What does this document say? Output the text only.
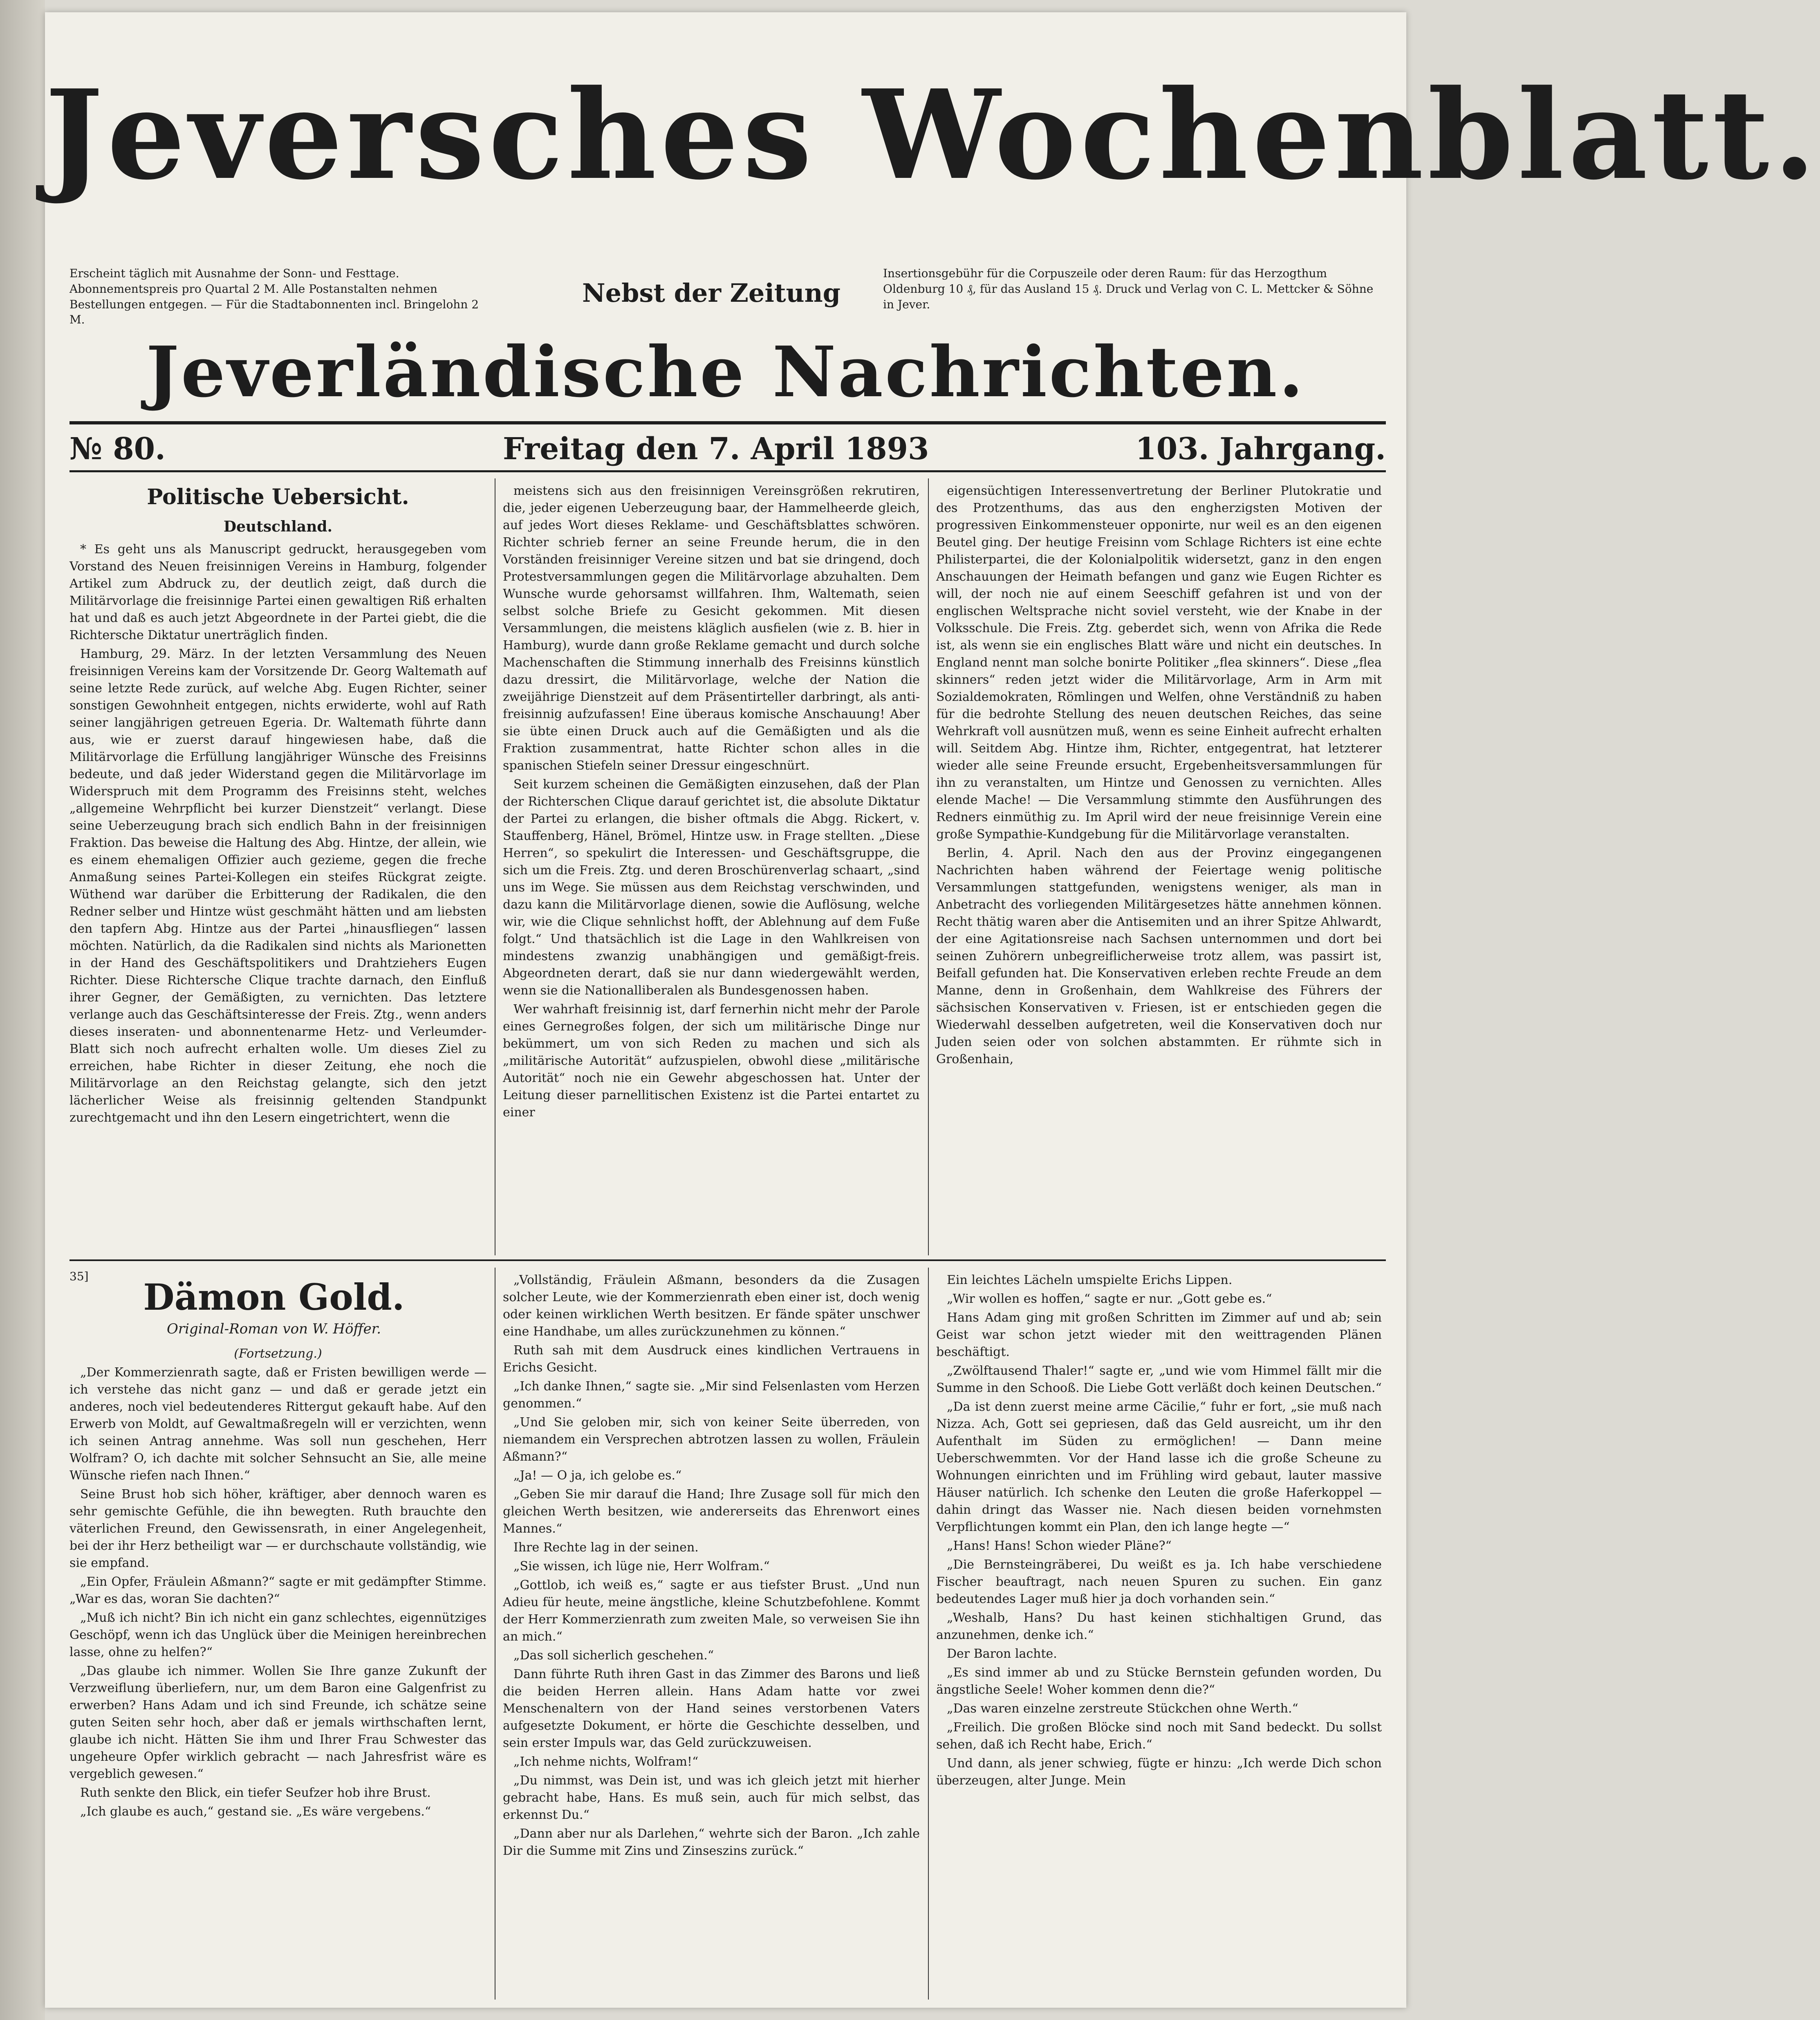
Jeversches Wochenblatt.
Erscheint täglich mit Ausnahme der Sonn- und Festtage. Abonnementspreis pro Quartal 2 M. Alle Postanstalten nehmen Bestellungen entgegen. — Für die Stadtabonnenten incl. Bringelohn 2 M.
Nebst der Zeitung
Insertionsgebühr für die Corpuszeile oder deren Raum: für das Herzogthum Oldenburg 10 ₰, für das Ausland 15 ₰. Druck und Verlag von C. L. Mettcker & Söhne in Jever.
Jeverländische Nachrichten.
№ 80.	Freitag den 7. April 1893	103. Jahrgang.
Politische Uebersicht.
Deutschland.

* Es geht uns als Manuscript gedruckt, herausgegeben vom Vorstand des Neuen freisinnigen Vereins in Hamburg, folgender Artikel zum Abdruck zu, der deutlich zeigt, daß durch die Militärvorlage die freisinnige Partei einen gewaltigen Riß erhalten hat und daß es auch jetzt Abgeordnete in der Partei giebt, die die Richtersche Diktatur unerträglich finden.

Hamburg, 29. März. In der letzten Versammlung des Neuen freisinnigen Vereins kam der Vorsitzende Dr. Georg Waltemath auf seine letzte Rede zurück, auf welche Abg. Eugen Richter, seiner sonstigen Gewohnheit entgegen, nichts erwiderte, wohl auf Rath seiner langjährigen getreuen Egeria. Dr. Waltemath führte dann aus, wie er zuerst darauf hingewiesen habe, daß die Militärvorlage die Erfüllung langjähriger Wünsche des Freisinns bedeute, und daß jeder Widerstand gegen die Militärvorlage im Widerspruch mit dem Programm des Freisinns steht, welches „allgemeine Wehrpflicht bei kurzer Dienstzeit“ verlangt. Diese seine Ueberzeugung brach sich endlich Bahn in der freisinnigen Fraktion. Das beweise die Haltung des Abg. Hintze, der allein, wie es einem ehemaligen Offizier auch gezieme, gegen die freche Anmaßung seines Partei-Kollegen ein steifes Rückgrat zeigte. Wüthend war darüber die Erbitterung der Radikalen, die den Redner selber und Hintze wüst geschmäht hätten und am liebsten den tapfern Abg. Hintze aus der Partei „hinausfliegen“ lassen möchten. Natürlich, da die Radikalen sind nichts als Marionetten in der Hand des Geschäftspolitikers und Drahtziehers Eugen Richter. Diese Richtersche Clique trachte darnach, den Einfluß ihrer Gegner, der Gemäßigten, zu vernichten. Das letztere verlange auch das Geschäftsinteresse der Freis. Ztg., wenn anders dieses inseraten- und abonnentenarme Hetz- und Verleumder-Blatt sich noch aufrecht erhalten wolle. Um dieses Ziel zu erreichen, habe Richter in dieser Zeitung, ehe noch die Militärvorlage an den Reichstag gelangte, sich den jetzt lächerlicher Weise als freisinnig geltenden Standpunkt zurechtgemacht und ihn den Lesern eingetrichtert, wenn die

meistens sich aus den freisinnigen Vereinsgrößen rekrutiren, die, jeder eigenen Ueberzeugung baar, der Hammelheerde gleich, auf jedes Wort dieses Reklame- und Geschäftsblattes schwören. Richter schrieb ferner an seine Freunde herum, die in den Vorständen freisinniger Vereine sitzen und bat sie dringend, doch Protestversammlungen gegen die Militärvorlage abzuhalten. Dem Wunsche wurde gehorsamst willfahren. Ihm, Waltemath, seien selbst solche Briefe zu Gesicht gekommen. Mit diesen Versammlungen, die meistens kläglich ausfielen (wie z. B. hier in Hamburg), wurde dann große Reklame gemacht und durch solche Machenschaften die Stimmung innerhalb des Freisinns künstlich dazu dressirt, die Militärvorlage, welche der Nation die zweijährige Dienstzeit auf dem Präsentirteller darbringt, als anti-freisinnig aufzufassen! Eine überaus komische Anschauung! Aber sie übte einen Druck auch auf die Gemäßigten und als die Fraktion zusammentrat, hatte Richter schon alles in die spanischen Stiefeln seiner Dressur eingeschnürt.

Seit kurzem scheinen die Gemäßigten einzusehen, daß der Plan der Richterschen Clique darauf gerichtet ist, die absolute Diktatur der Partei zu erlangen, die bisher oftmals die Abgg. Rickert, v. Stauffenberg, Hänel, Brömel, Hintze usw. in Frage stellten. „Diese Herren“, so spekulirt die Interessen- und Geschäftsgruppe, die sich um die Freis. Ztg. und deren Broschürenverlag schaart, „sind uns im Wege. Sie müssen aus dem Reichstag verschwinden, und dazu kann die Militärvorlage dienen, sowie die Auflösung, welche wir, wie die Clique sehnlichst hofft, der Ablehnung auf dem Fuße folgt.“ Und thatsächlich ist die Lage in den Wahlkreisen von mindestens zwanzig unabhängigen und gemäßigt-freis. Abgeordneten derart, daß sie nur dann wiedergewählt werden, wenn sie die Nationalliberalen als Bundesgenossen haben.

Wer wahrhaft freisinnig ist, darf fernerhin nicht mehr der Parole eines Gernegroßes folgen, der sich um militärische Dinge nur bekümmert, um von sich Reden zu machen und sich als „militärische Autorität“ aufzuspielen, obwohl diese „militärische Autorität“ noch nie ein Gewehr abgeschossen hat. Unter der Leitung dieser parnellitischen Existenz ist die Partei entartet zu einer

eigensüchtigen Interessenvertretung der Berliner Plutokratie und des Protzenthums, das aus den engherzigsten Motiven der progressiven Einkommensteuer opponirte, nur weil es an den eigenen Beutel ging. Der heutige Freisinn vom Schlage Richters ist eine echte Philisterpartei, die der Kolonialpolitik widersetzt, ganz in den engen Anschauungen der Heimath befangen und ganz wie Eugen Richter es will, der noch nie auf einem Seeschiff gefahren ist und von der englischen Weltsprache nicht soviel versteht, wie der Knabe in der Volksschule. Die Freis. Ztg. geberdet sich, wenn von Afrika die Rede ist, als wenn sie ein englisches Blatt wäre und nicht ein deutsches. In England nennt man solche bonirte Politiker „flea skinners“. Diese „flea skinners“ reden jetzt wider die Militärvorlage, Arm in Arm mit Sozialdemokraten, Römlingen und Welfen, ohne Verständniß zu haben für die bedrohte Stellung des neuen deutschen Reiches, das seine Wehrkraft voll ausnützen muß, wenn es seine Einheit aufrecht erhalten will. Seitdem Abg. Hintze ihm, Richter, entgegentrat, hat letzterer wieder alle seine Freunde ersucht, Ergebenheitsversammlungen für ihn zu veranstalten, um Hintze und Genossen zu vernichten. Alles elende Mache! — Die Versammlung stimmte den Ausführungen des Redners einmüthig zu. Im April wird der neue freisinnige Verein eine große Sympathie-Kundgebung für die Militärvorlage veranstalten.

Berlin, 4. April. Nach den aus der Provinz eingegangenen Nachrichten haben während der Feiertage wenig politische Versammlungen stattgefunden, wenigstens weniger, als man in Anbetracht des vorliegenden Militärgesetzes hätte annehmen können. Recht thätig waren aber die Antisemiten und an ihrer Spitze Ahlwardt, der eine Agitationsreise nach Sachsen unternommen und dort bei seinen Zuhörern unbegreiflicherweise trotz allem, was passirt ist, Beifall gefunden hat. Die Konservativen erleben rechte Freude an dem Manne, denn in Großenhain, dem Wahlkreise des Führers der sächsischen Konservativen v. Friesen, ist er entschieden gegen die Wiederwahl desselben aufgetreten, weil die Konservativen doch nur Juden seien oder von solchen abstammten. Er rühmte sich in Großenhain,

35]	Dämon Gold.
Original-Roman von W. Höffer.

(Fortsetzung.)

„Der Kommerzienrath sagte, daß er Fristen bewilligen werde — ich verstehe das nicht ganz — und daß er gerade jetzt ein anderes, noch viel bedeutenderes Rittergut gekauft habe. Auf den Erwerb von Moldt, auf Gewaltmaßregeln will er verzichten, wenn ich seinen Antrag annehme. Was soll nun geschehen, Herr Wolfram? O, ich dachte mit solcher Sehnsucht an Sie, alle meine Wünsche riefen nach Ihnen.“

Seine Brust hob sich höher, kräftiger, aber dennoch waren es sehr gemischte Gefühle, die ihn bewegten. Ruth brauchte den väterlichen Freund, den Gewissensrath, in einer Angelegenheit, bei der ihr Herz betheiligt war — er durchschaute vollständig, wie sie empfand.

„Ein Opfer, Fräulein Aßmann?“ sagte er mit gedämpfter Stimme. „War es das, woran Sie dachten?“

„Muß ich nicht? Bin ich nicht ein ganz schlechtes, eigennütziges Geschöpf, wenn ich das Unglück über die Meinigen hereinbrechen lasse, ohne zu helfen?“

„Das glaube ich nimmer. Wollen Sie Ihre ganze Zukunft der Verzweiflung überliefern, nur, um dem Baron eine Galgenfrist zu erwerben? Hans Adam und ich sind Freunde, ich schätze seine guten Seiten sehr hoch, aber daß er jemals wirthschaften lernt, glaube ich nicht. Hätten Sie ihm und Ihrer Frau Schwester das ungeheure Opfer wirklich gebracht — nach Jahresfrist wäre es vergeblich gewesen.“

Ruth senkte den Blick, ein tiefer Seufzer hob ihre Brust.

„Ich glaube es auch,“ gestand sie. „Es wäre vergebens.“

„Vollständig, Fräulein Aßmann, besonders da die Zusagen solcher Leute, wie der Kommerzienrath eben einer ist, doch wenig oder keinen wirklichen Werth besitzen. Er fände später unschwer eine Handhabe, um alles zurückzunehmen zu können.“

Ruth sah mit dem Ausdruck eines kindlichen Vertrauens in Erichs Gesicht.

„Ich danke Ihnen,“ sagte sie. „Mir sind Felsenlasten vom Herzen genommen.“

„Und Sie geloben mir, sich von keiner Seite überreden, von niemandem ein Versprechen abtrotzen lassen zu wollen, Fräulein Aßmann?“

„Ja! — O ja, ich gelobe es.“

„Geben Sie mir darauf die Hand; Ihre Zusage soll für mich den gleichen Werth besitzen, wie andererseits das Ehrenwort eines Mannes.“

Ihre Rechte lag in der seinen.

„Sie wissen, ich lüge nie, Herr Wolfram.“

„Gottlob, ich weiß es,“ sagte er aus tiefster Brust. „Und nun Adieu für heute, meine ängstliche, kleine Schutzbefohlene. Kommt der Herr Kommerzienrath zum zweiten Male, so verweisen Sie ihn an mich.“

„Das soll sicherlich geschehen.“

Dann führte Ruth ihren Gast in das Zimmer des Barons und ließ die beiden Herren allein. Hans Adam hatte vor zwei Menschenaltern von der Hand seines verstorbenen Vaters aufgesetzte Dokument, er hörte die Geschichte desselben, und sein erster Impuls war, das Geld zurückzuweisen.

„Ich nehme nichts, Wolfram!“

„Du nimmst, was Dein ist, und was ich gleich jetzt mit hierher gebracht habe, Hans. Es muß sein, auch für mich selbst, das erkennst Du.“

„Dann aber nur als Darlehen,“ wehrte sich der Baron. „Ich zahle Dir die Summe mit Zins und Zinseszins zurück.“

Ein leichtes Lächeln umspielte Erichs Lippen.

„Wir wollen es hoffen,“ sagte er nur. „Gott gebe es.“

Hans Adam ging mit großen Schritten im Zimmer auf und ab; sein Geist war schon jetzt wieder mit den weittragenden Plänen beschäftigt.

„Zwölftausend Thaler!“ sagte er, „und wie vom Himmel fällt mir die Summe in den Schooß. Die Liebe Gott verläßt doch keinen Deutschen.“

„Da ist denn zuerst meine arme Cäcilie,“ fuhr er fort, „sie muß nach Nizza. Ach, Gott sei gepriesen, daß das Geld ausreicht, um ihr den Aufenthalt im Süden zu ermöglichen! — Dann meine Ueberschwemmten. Vor der Hand lasse ich die große Scheune zu Wohnungen einrichten und im Frühling wird gebaut, lauter massive Häuser natürlich. Ich schenke den Leuten die große Haferkoppel — dahin dringt das Wasser nie. Nach diesen beiden vornehmsten Verpflichtungen kommt ein Plan, den ich lange hegte —“

„Hans! Hans! Schon wieder Pläne?“

„Die Bernsteingräberei, Du weißt es ja. Ich habe verschiedene Fischer beauftragt, nach neuen Spuren zu suchen. Ein ganz bedeutendes Lager muß hier ja doch vorhanden sein.“

„Weshalb, Hans? Du hast keinen stichhaltigen Grund, das anzunehmen, denke ich.“

Der Baron lachte.

„Es sind immer ab und zu Stücke Bernstein gefunden worden, Du ängstliche Seele! Woher kommen denn die?“

„Das waren einzelne zerstreute Stückchen ohne Werth.“

„Freilich. Die großen Blöcke sind noch mit Sand bedeckt. Du sollst sehen, daß ich Recht habe, Erich.“

Und dann, als jener schwieg, fügte er hinzu: „Ich werde Dich schon überzeugen, alter Junge. Mein
